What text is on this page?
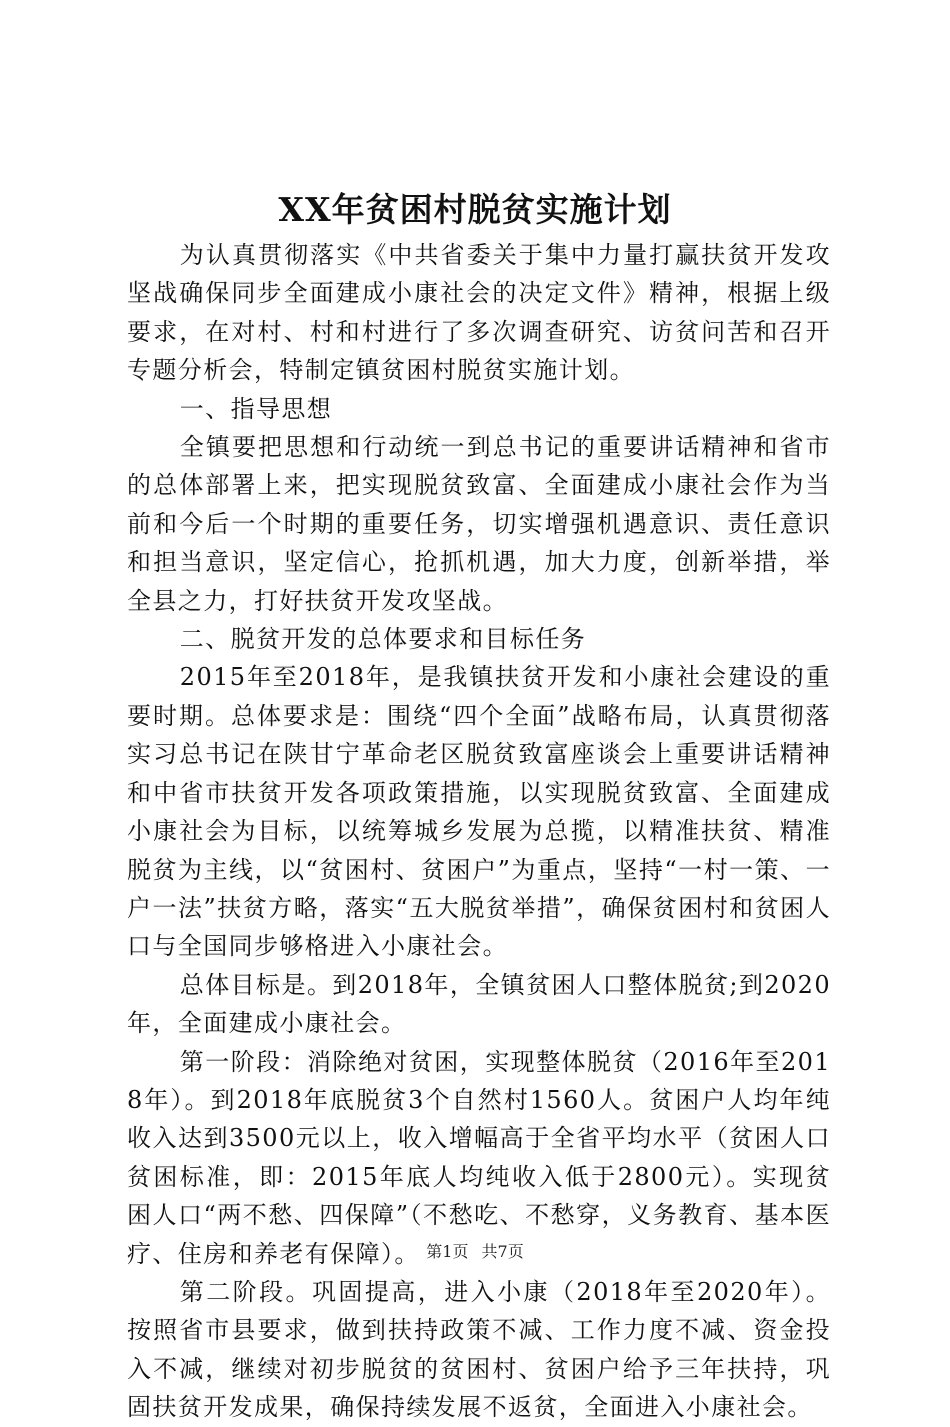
XX年贫困村脱贫实施计划

为认真贯彻落实《中共省委关于集中力量打赢扶贫开发攻坚战确保同步全面建成小康社会的决定文件》精神，根据上级要求，在对村、村和村进行了多次调查研究、访贫问苦和召开专题分析会，特制定镇贫困村脱贫实施计划。

一、指导思想

全镇要把思想和行动统一到总书记的重要讲话精神和省市的总体部署上来，把实现脱贫致富、全面建成小康社会作为当前和今后一个时期的重要任务，切实增强机遇意识、责任意识和担当意识，坚定信心，抢抓机遇，加大力度，创新举措，举全县之力，打好扶贫开发攻坚战。

二、脱贫开发的总体要求和目标任务

2015年至2018年，是我镇扶贫开发和小康社会建设的重要时期。总体要求是：围绕“四个全面”战略布局，认真贯彻落实习总书记在陕甘宁革命老区脱贫致富座谈会上重要讲话精神和中省市扶贫开发各项政策措施，以实现脱贫致富、全面建成小康社会为目标，以统筹城乡发展为总揽，以精准扶贫、精准脱贫为主线，以“贫困村、贫困户”为重点，坚持“一村一策、一户一法”扶贫方略，落实“五大脱贫举措”，确保贫困村和贫困人口与全国同步够格进入小康社会。

总体目标是。到2018年，全镇贫困人口整体脱贫;到2020年，全面建成小康社会。

第一阶段：消除绝对贫困，实现整体脱贫（2016年至2018年）。到2018年底脱贫3个自然村1560人。贫困户人均年纯收入达到3500元以上，收入增幅高于全省平均水平（贫困人口贫困标准，即：2015年底人均纯收入低于2800元）。实现贫困人口“两不愁、四保障”（不愁吃、不愁穿，义务教育、基本医疗、住房和养老有保障）。

第二阶段。巩固提高，进入小康（2018年至2020年）。按照省市县要求，做到扶持政策不减、工作力度不减、资金投入不减，继续对初步脱贫的贫困村、贫困户给予三年扶持，巩固扶贫开发成果，确保持续发展不返贫，全面进入小康社会。

第1页 共7页
